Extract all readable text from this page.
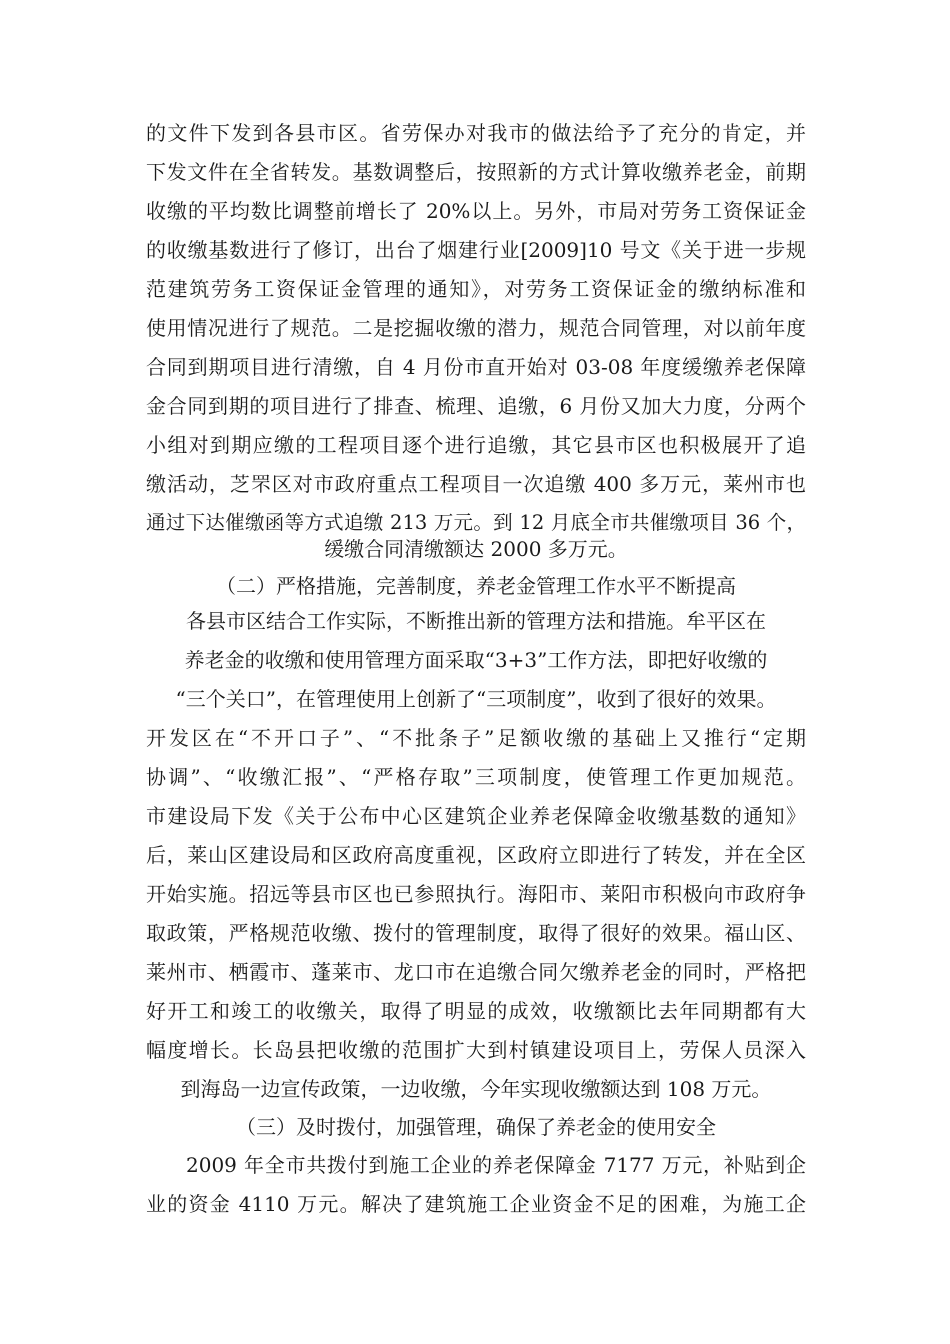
的文件下发到各县市区。省劳保办对我市的做法给予了充分的肯定，并
下发文件在全省转发。基数调整后，按照新的方式计算收缴养老金，前期
收缴的平均数比调整前增长了 20%以上。另外，市局对劳务工资保证金
的收缴基数进行了修订，出台了烟建行业[2009]10 号文《关于进一步规
范建筑劳务工资保证金管理的通知》，对劳务工资保证金的缴纳标准和
使用情况进行了规范。二是挖掘收缴的潜力，规范合同管理，对以前年度
合同到期项目进行清缴，自 4 月份市直开始对 03-08 年度缓缴养老保障
金合同到期的项目进行了排查、梳理、追缴，6 月份又加大力度，分两个
小组对到期应缴的工程项目逐个进行追缴，其它县市区也积极展开了追
缴活动，芝罘区对市政府重点工程项目一次追缴 400 多万元，莱州市也
通过下达催缴函等方式追缴 213 万元。到 12 月底全市共催缴项目 36 个，
缓缴合同清缴额达 2000 多万元。
（二）严格措施，完善制度，养老金管理工作水平不断提高
各县市区结合工作实际，不断推出新的管理方法和措施。牟平区在
养老金的收缴和使用管理方面采取“3+3”工作方法，即把好收缴的
“三个关口”，在管理使用上创新了“三项制度”，收到了很好的效果。
开发区在“不开口子”、“不批条子”足额收缴的基础上又推行“定期
协调”、“收缴汇报”、“严格存取”三项制度，使管理工作更加规范。
市建设局下发《关于公布中心区建筑企业养老保障金收缴基数的通知》
后，莱山区建设局和区政府高度重视，区政府立即进行了转发，并在全区
开始实施。招远等县市区也已参照执行。海阳市、莱阳市积极向市政府争
取政策，严格规范收缴、拨付的管理制度，取得了很好的效果。福山区、
莱州市、栖霞市、蓬莱市、龙口市在追缴合同欠缴养老金的同时，严格把
好开工和竣工的收缴关，取得了明显的成效，收缴额比去年同期都有大
幅度增长。长岛县把收缴的范围扩大到村镇建设项目上，劳保人员深入
到海岛一边宣传政策，一边收缴，今年实现收缴额达到 108 万元。
（三）及时拨付，加强管理，确保了养老金的使用安全
2009 年全市共拨付到施工企业的养老保障金 7177 万元，补贴到企
业的资金 4110 万元。解决了建筑施工企业资金不足的困难，为施工企
